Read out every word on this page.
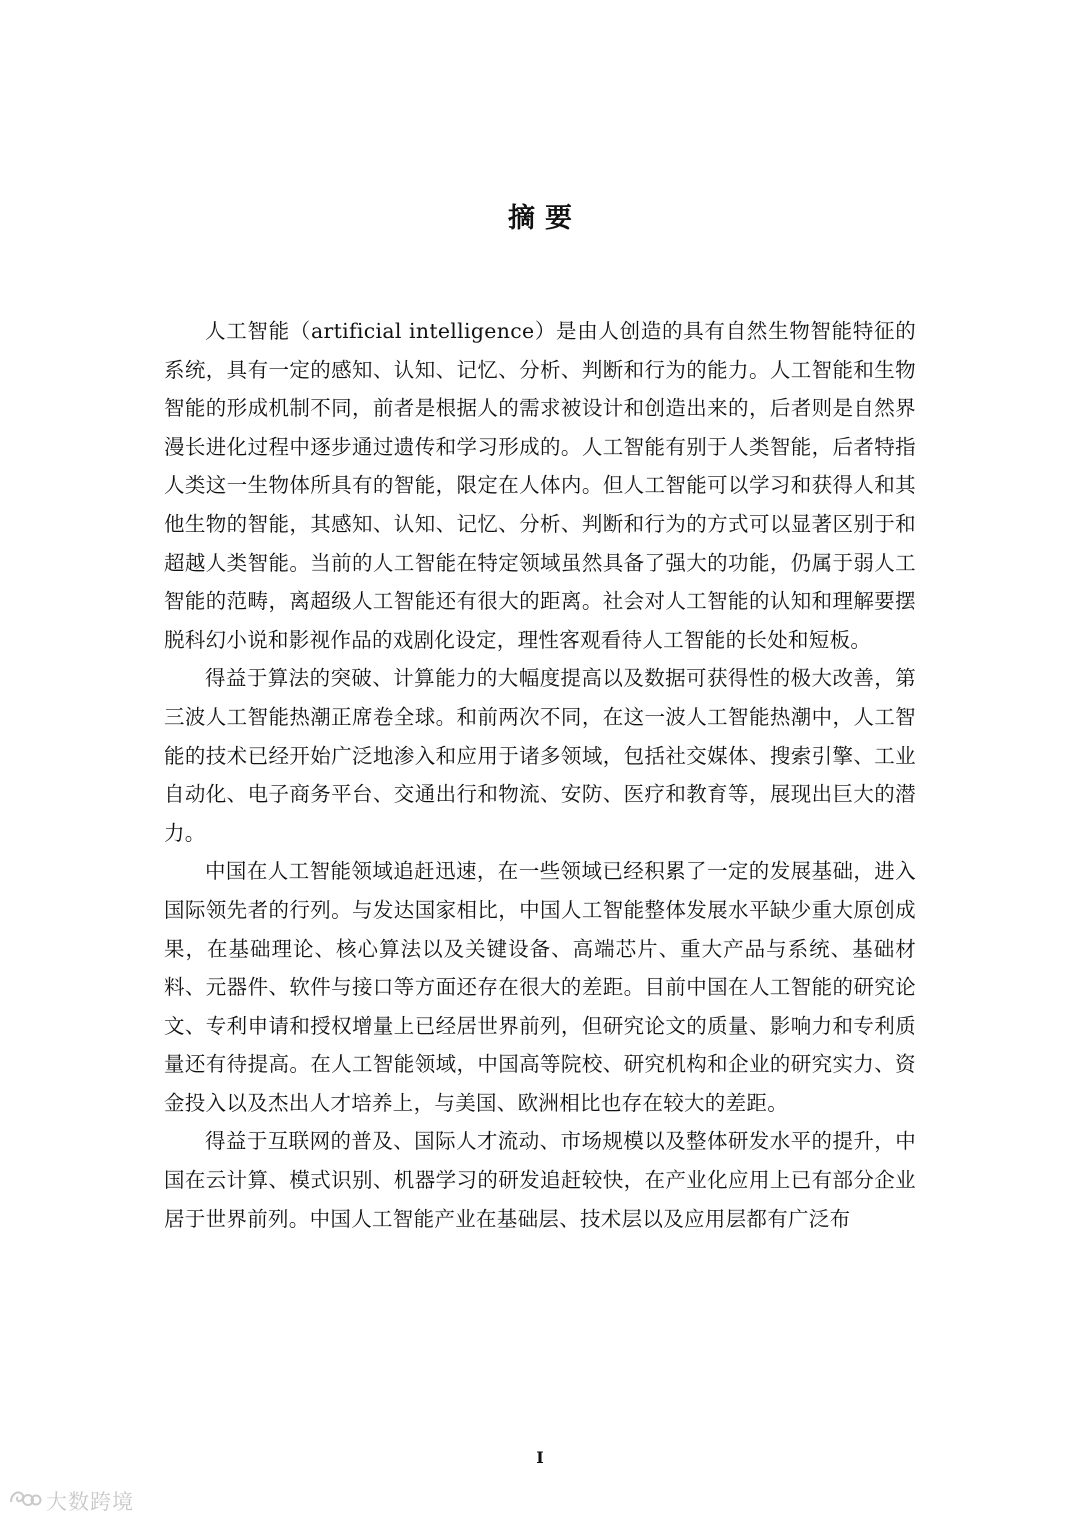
摘要

人工智能（artificial intelligence）是由人创造的具有自然生物智能特征的系统，具有一定的感知、认知、记忆、分析、判断和行为的能力。人工智能和生物智能的形成机制不同，前者是根据人的需求被设计和创造出来的，后者则是自然界漫长进化过程中逐步通过遗传和学习形成的。人工智能有别于人类智能，后者特指人类这一生物体所具有的智能，限定在人体内。但人工智能可以学习和获得人和其他生物的智能，其感知、认知、记忆、分析、判断和行为的方式可以显著区别于和超越人类智能。当前的人工智能在特定领域虽然具备了强大的功能，仍属于弱人工智能的范畴，离超级人工智能还有很大的距离。社会对人工智能的认知和理解要摆脱科幻小说和影视作品的戏剧化设定，理性客观看待人工智能的长处和短板。

得益于算法的突破、计算能力的大幅度提高以及数据可获得性的极大改善，第三波人工智能热潮正席卷全球。和前两次不同，在这一波人工智能热潮中，人工智能的技术已经开始广泛地渗入和应用于诸多领域，包括社交媒体、搜索引擎、工业自动化、电子商务平台、交通出行和物流、安防、医疗和教育等，展现出巨大的潜力。

中国在人工智能领域追赶迅速，在一些领域已经积累了一定的发展基础，进入国际领先者的行列。与发达国家相比，中国人工智能整体发展水平缺少重大原创成果，在基础理论、核心算法以及关键设备、高端芯片、重大产品与系统、基础材料、元器件、软件与接口等方面还存在很大的差距。目前中国在人工智能的研究论文、专利申请和授权增量上已经居世界前列，但研究论文的质量、影响力和专利质量还有待提高。在人工智能领域，中国高等院校、研究机构和企业的研究实力、资金投入以及杰出人才培养上，与美国、欧洲相比也存在较大的差距。

得益于互联网的普及、国际人才流动、市场规模以及整体研发水平的提升，中国在云计算、模式识别、机器学习的研发追赶较快，在产业化应用上已有部分企业居于世界前列。中国人工智能产业在基础层、技术层以及应用层都有广泛布

I
大数跨境
